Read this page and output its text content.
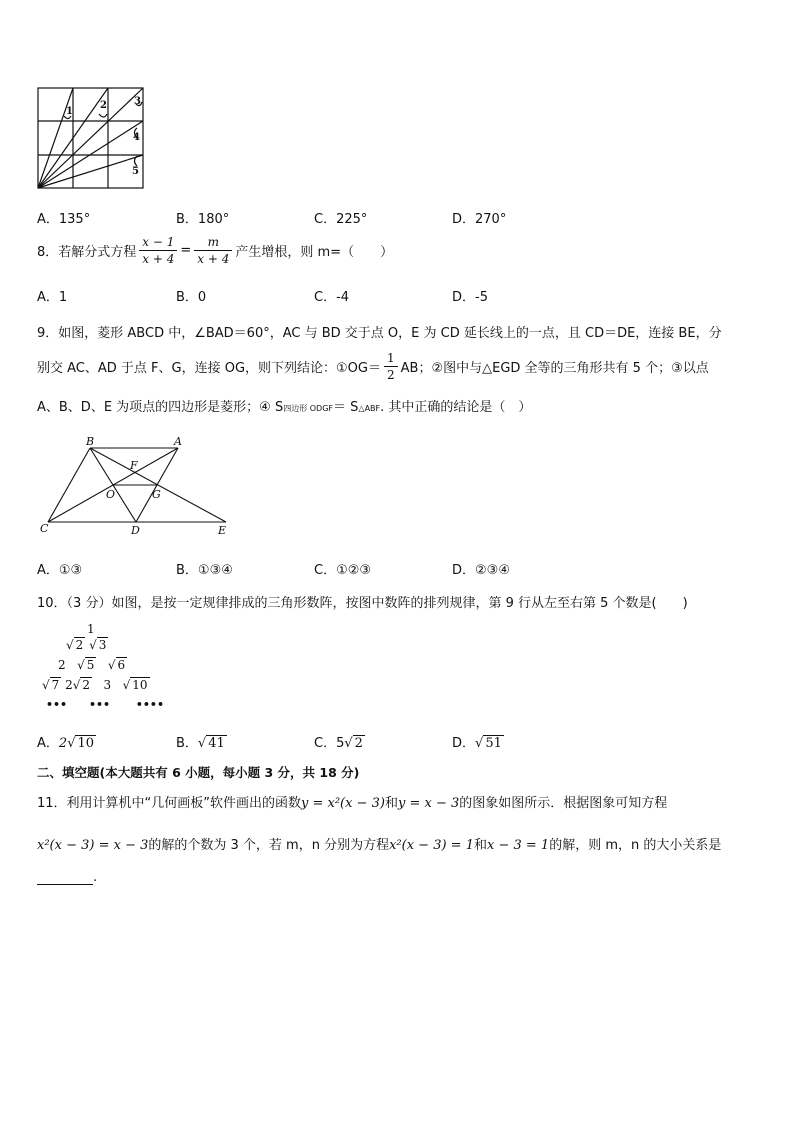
1
2	3
4
5
A．135°	B．180°	C．225°	D．270°
8．若解分式方程 $\frac{x - 1}{x + 4} = \frac{m}{x + 4}$ 产生增根，则 m=（　　）
A．1	B．0	C．-4	D．-5
9．如图，菱形 ABCD 中，∠BAD＝60°，AC 与 BD 交于点 O，E 为 CD 延长线上的一点，且 CD＝DE，连接 BE，分
别交 AC、AD 于点 F、G，连接 OG，则下列结论：①OG＝ $\frac{1}{2}$ AB；②图中与△EGD 全等的三角形共有 5 个；③以点
A、B、D、E 为项点的四边形是菱形；④ S四边形 ODGF＝ S△ABF. 其中正确的结论是（　）
B	A
F
O	G
C	D	E
A．①③	B．①③④	C．①②③	D．②③④
10．（3 分）如图，是按一定规律排成的三角形数阵，按图中数阵的排列规律，第 9 行从左至右第 5 个数是(　　)
1
√ 2 √ 3
2 √ 5 √ 6
√ 7 2√ 2 3 √ 10
••• ••• ••••
A．2√ 10	B．√ 41	C．5√ 2	D．√ 51
二、填空题(本大题共有 6 小题，每小题 3 分，共 18 分)
11．利用计算机中“几何画板”软件画出的函数y = x²(x − 3)和y = x − 3的图象如图所示．根据图象可知方程
x²(x − 3) = x − 3的解的个数为 3 个，若 m，n 分别为方程x²(x − 3) = 1和x − 3 = 1的解，则 m，n 的大小关系是
.
